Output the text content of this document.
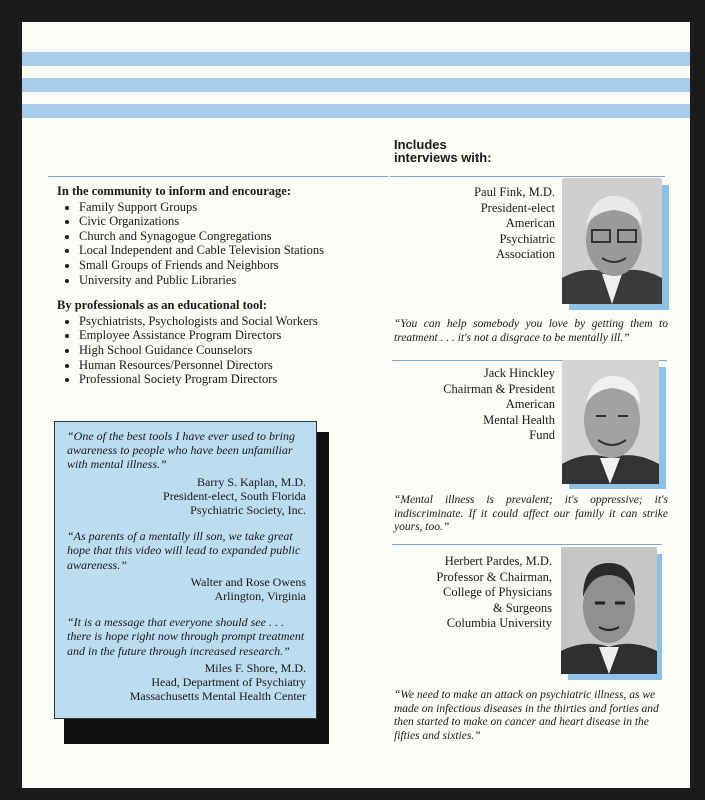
In the community to inform and encourage:
• Family Support Groups
• Civic Organizations
• Church and Synagogue Congregations
• Local Independent and Cable Television Stations
• Small Groups of Friends and Neighbors
• University and Public Libraries
By professionals as an educational tool:
• Psychiatrists, Psychologists and Social Workers
• Employee Assistance Program Directors
• High School Guidance Counselors
• Human Resources/Personnel Directors
• Professional Society Program Directors

“One of the best tools I have ever used to bring awareness to people who have been unfamiliar with mental illness.”

Barry S. Kaplan, M.D.
President-elect, South Florida
Psychiatric Society, Inc.

“As parents of a mentally ill son, we take great hope that this video will lead to expanded public awareness.”

Walter and Rose Owens
Arlington, Virginia

“It is a message that everyone should see . . . there is hope right now through prompt treatment and in the future through increased research.”

Miles F. Shore, M.D.
Head, Department of Psychiatry
Massachusetts Mental Health Center

Includes
interviews with:
Paul Fink, M.D.
President-elect
American
Psychiatric
Association
“You can help somebody you love by getting them to treatment . . . it's not a disgrace to be mentally ill.”
Jack Hinckley
Chairman & President
American
Mental Health
Fund
“Mental illness is prevalent; it's oppressive; it's indiscriminate. If it could affect our family it can strike yours, too.”
Herbert Pardes, M.D.
Professor & Chairman,
College of Physicians
& Surgeons
Columbia University
“We need to make an attack on psychiatric illness, as we made on infectious diseases in the thirties and forties and then started to make on cancer and heart disease in the fifties and sixties.”
